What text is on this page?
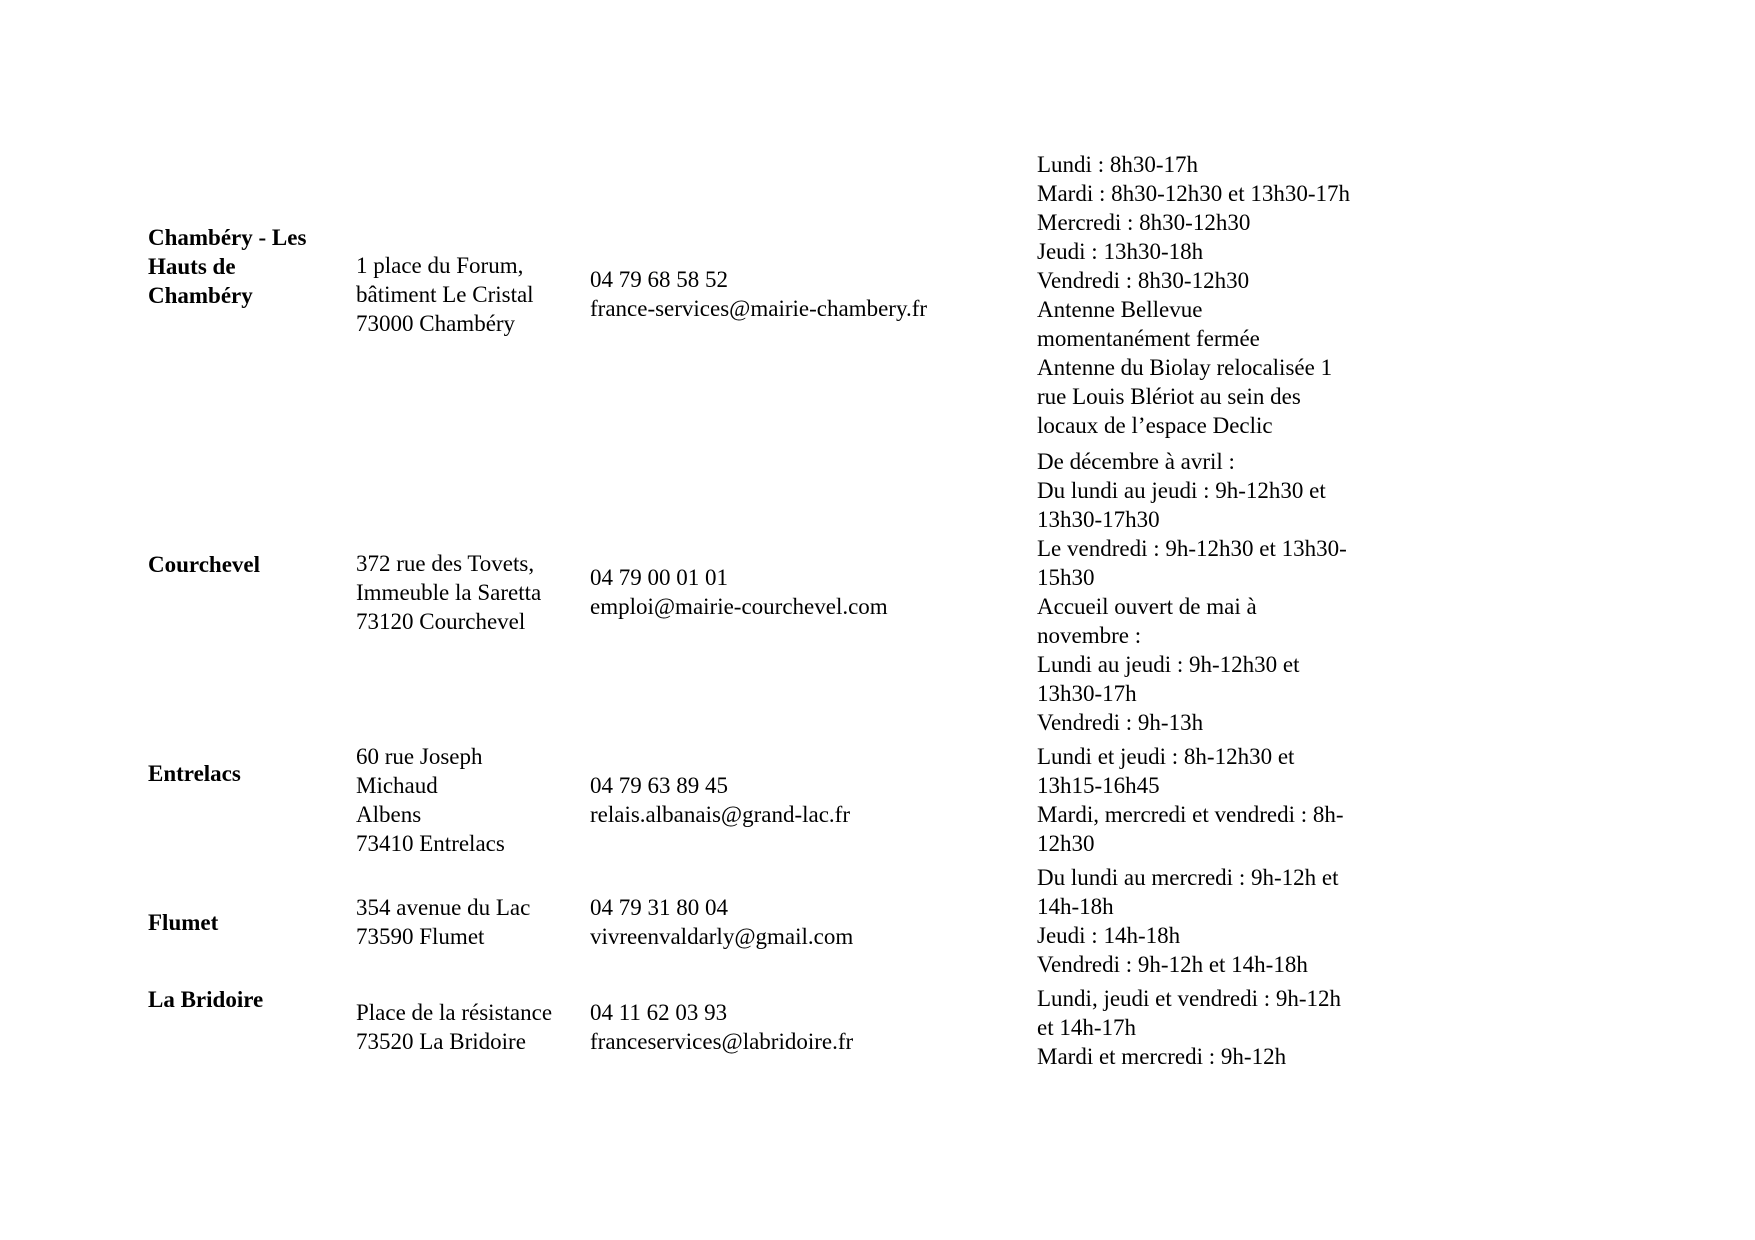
Chambéry - Les Hauts de Chambéry
1 place du Forum,
bâtiment Le Cristal
73000 Chambéry
04 79 68 58 52
france-services@mairie-chambery.fr
Lundi : 8h30-17h
Mardi : 8h30-12h30 et 13h30-17h
Mercredi : 8h30-12h30
Jeudi : 13h30-18h
Vendredi : 8h30-12h30
Antenne Bellevue
momentanément fermée
Antenne du Biolay relocalisée 1
rue Louis Blériot au sein des
locaux de l’espace Declic
Courchevel	372 rue des Tovets,
Immeuble la Saretta
73120 Courchevel
04 79 00 01 01
emploi@mairie-courchevel.com
De décembre à avril :
Du lundi au jeudi : 9h-12h30 et
13h30-17h30
Le vendredi : 9h-12h30 et 13h30-
15h30
Accueil ouvert de mai à
novembre :
Lundi au jeudi : 9h-12h30 et
13h30-17h
Vendredi : 9h-13h
Entrelacs
60 rue Joseph
Michaud
Albens
73410 Entrelacs
04 79 63 89 45
relais.albanais@grand-lac.fr
Lundi et jeudi : 8h-12h30 et
13h15-16h45
Mardi, mercredi et vendredi : 8h-
12h30
Flumet
354 avenue du Lac
73590 Flumet
04 79 31 80 04
vivreenvaldarly@gmail.com
Du lundi au mercredi : 9h-12h et
14h-18h
Jeudi : 14h-18h
Vendredi : 9h-12h et 14h-18h
La Bridoire
Place de la résistance
73520 La Bridoire
04 11 62 03 93
franceservices@labridoire.fr
Lundi, jeudi et vendredi : 9h-12h
et 14h-17h
Mardi et mercredi : 9h-12h
